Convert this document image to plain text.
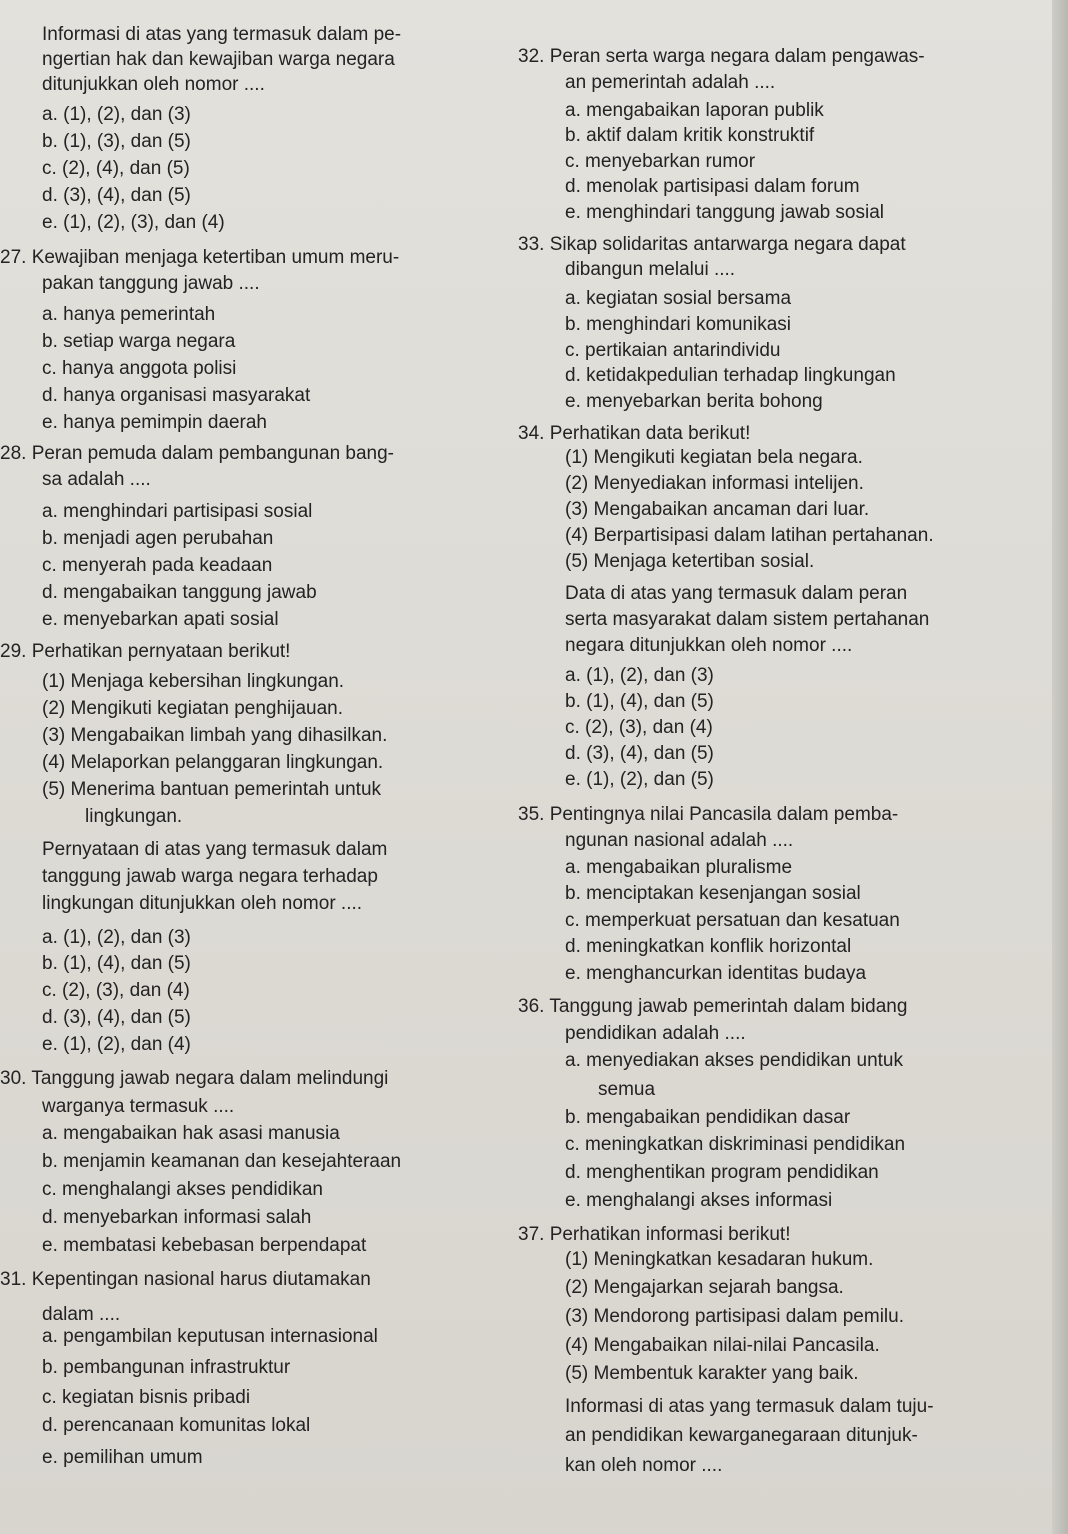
Informasi di atas yang termasuk dalam pe-
ngertian hak dan kewajiban warga negara
ditunjukkan oleh nomor ....
a. (1), (2), dan (3)
b. (1), (3), dan (5)
c. (2), (4), dan (5)
d. (3), (4), dan (5)
e. (1), (2), (3), dan (4)
27. Kewajiban menjaga ketertiban umum meru-
pakan tanggung jawab ....
a. hanya pemerintah
b. setiap warga negara
c. hanya anggota polisi
d. hanya organisasi masyarakat
e. hanya pemimpin daerah
28. Peran pemuda dalam pembangunan bang-
sa adalah ....
a. menghindari partisipasi sosial
b. menjadi agen perubahan
c. menyerah pada keadaan
d. mengabaikan tanggung jawab
e. menyebarkan apati sosial
29. Perhatikan pernyataan berikut!
(1) Menjaga kebersihan lingkungan.
(2) Mengikuti kegiatan penghijauan.
(3) Mengabaikan limbah yang dihasilkan.
(4) Melaporkan pelanggaran lingkungan.
(5) Menerima bantuan pemerintah untuk
lingkungan.
Pernyataan di atas yang termasuk dalam
tanggung jawab warga negara terhadap
lingkungan ditunjukkan oleh nomor ....
a. (1), (2), dan (3)
b. (1), (4), dan (5)
c. (2), (3), dan (4)
d. (3), (4), dan (5)
e. (1), (2), dan (4)
30. Tanggung jawab negara dalam melindungi
warganya termasuk ....
a. mengabaikan hak asasi manusia
b. menjamin keamanan dan kesejahteraan
c. menghalangi akses pendidikan
d. menyebarkan informasi salah
e. membatasi kebebasan berpendapat
31. Kepentingan nasional harus diutamakan
dalam ....
a. pengambilan keputusan internasional
b. pembangunan infrastruktur
c. kegiatan bisnis pribadi
d. perencanaan komunitas lokal
e. pemilihan umum
32. Peran serta warga negara dalam pengawas-
an pemerintah adalah ....
a. mengabaikan laporan publik
b. aktif dalam kritik konstruktif
c. menyebarkan rumor
d. menolak partisipasi dalam forum
e. menghindari tanggung jawab sosial
33. Sikap solidaritas antarwarga negara dapat
dibangun melalui ....
a. kegiatan sosial bersama
b. menghindari komunikasi
c. pertikaian antarindividu
d. ketidakpedulian terhadap lingkungan
e. menyebarkan berita bohong
34. Perhatikan data berikut!
(1) Mengikuti kegiatan bela negara.
(2) Menyediakan informasi intelijen.
(3) Mengabaikan ancaman dari luar.
(4) Berpartisipasi dalam latihan pertahanan.
(5) Menjaga ketertiban sosial.
Data di atas yang termasuk dalam peran
serta masyarakat dalam sistem pertahanan
negara ditunjukkan oleh nomor ....
a. (1), (2), dan (3)
b. (1), (4), dan (5)
c. (2), (3), dan (4)
d. (3), (4), dan (5)
e. (1), (2), dan (5)
35. Pentingnya nilai Pancasila dalam pemba-
ngunan nasional adalah ....
a. mengabaikan pluralisme
b. menciptakan kesenjangan sosial
c. memperkuat persatuan dan kesatuan
d. meningkatkan konflik horizontal
e. menghancurkan identitas budaya
36. Tanggung jawab pemerintah dalam bidang
pendidikan adalah ....
a. menyediakan akses pendidikan untuk
semua
b. mengabaikan pendidikan dasar
c. meningkatkan diskriminasi pendidikan
d. menghentikan program pendidikan
e. menghalangi akses informasi
37. Perhatikan informasi berikut!
(1) Meningkatkan kesadaran hukum.
(2) Mengajarkan sejarah bangsa.
(3) Mendorong partisipasi dalam pemilu.
(4) Mengabaikan nilai-nilai Pancasila.
(5) Membentuk karakter yang baik.
Informasi di atas yang termasuk dalam tuju-
an pendidikan kewarganegaraan ditunjuk-
kan oleh nomor ....
